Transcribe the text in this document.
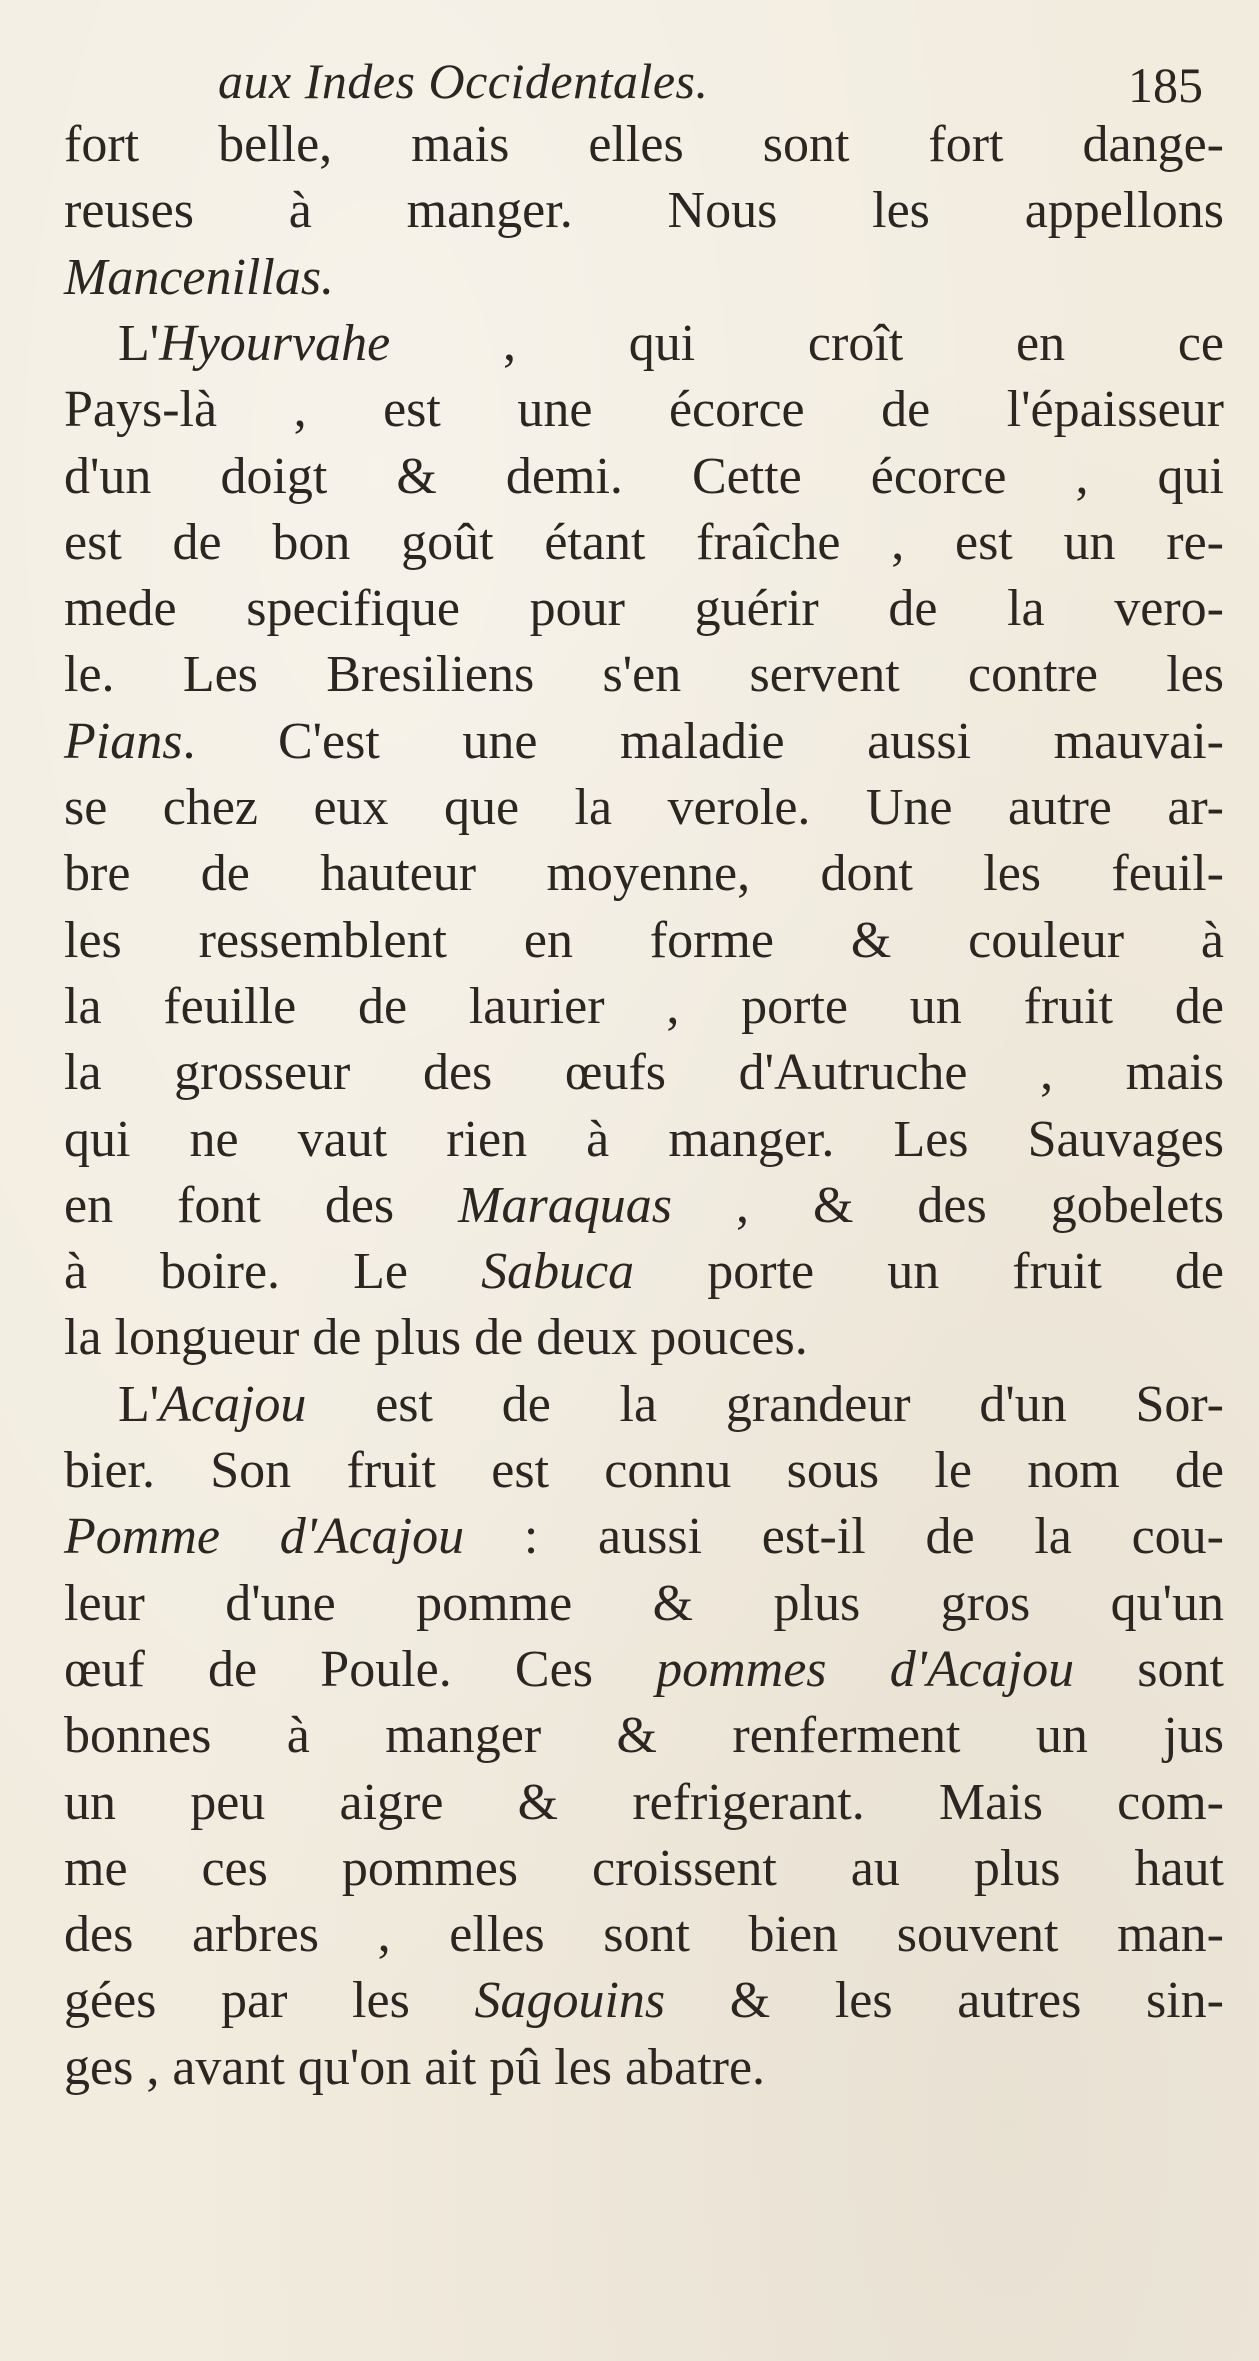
aux Indes Occidentales.	185
fort belle, mais elles sont fort dange-
reuses à manger. Nous les appellons
Mancenillas.
L'Hyourvahe , qui croît en ce
Pays-là , est une écorce de l'épaisseur
d'un doigt & demi. Cette écorce , qui
est de bon goût étant fraîche , est un re-
mede specifique pour guérir de la vero-
le. Les Bresiliens s'en servent contre les
Pians. C'est une maladie aussi mauvai-
se chez eux que la verole. Une autre ar-
bre de hauteur moyenne, dont les feuil-
les ressemblent en forme & couleur à
la feuille de laurier , porte un fruit de
la grosseur des œufs d'Autruche , mais
qui ne vaut rien à manger. Les Sauvages
en font des Maraquas , & des gobelets
à boire. Le Sabuca porte un fruit de
la longueur de plus de deux pouces.
L'Acajou est de la grandeur d'un Sor-
bier. Son fruit est connu sous le nom de
Pomme d'Acajou : aussi est-il de la cou-
leur d'une pomme & plus gros qu'un
œuf de Poule. Ces pommes d'Acajou sont
bonnes à manger & renferment un jus
un peu aigre & refrigerant. Mais com-
me ces pommes croissent au plus haut
des arbres , elles sont bien souvent man-
gées par les Sagouins & les autres sin-
ges , avant qu'on ait pû les abatre.
